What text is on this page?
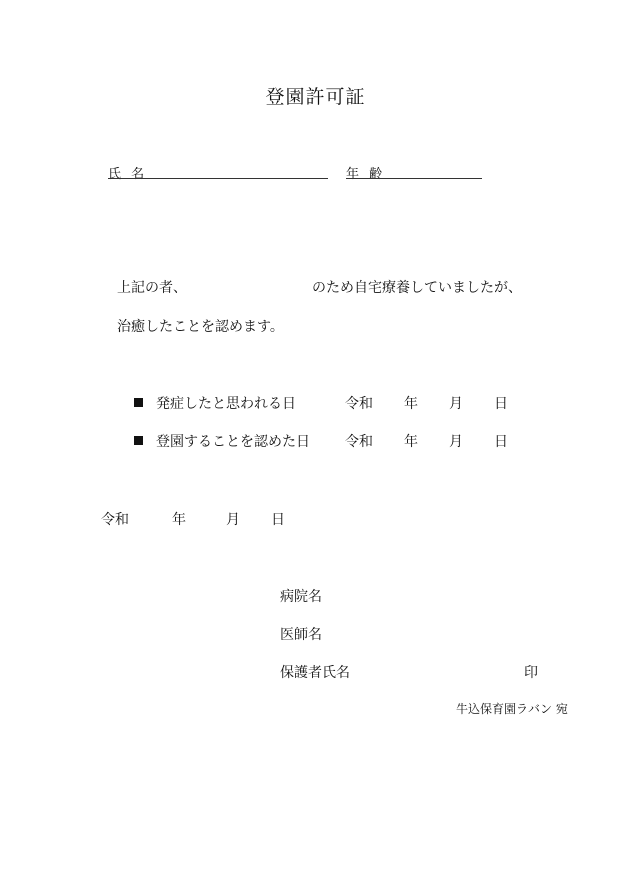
登園許可証
氏 名	年 齢
上記の者、	のため自宅療養していましたが、
治癒したことを認めます。
発症したと思われる日	令和 年 月 日
登園することを認めた日	令和 年 月 日
令和	年	月 日
病院名
医師名
保護者氏名	印
牛込保育園ラバン 宛
